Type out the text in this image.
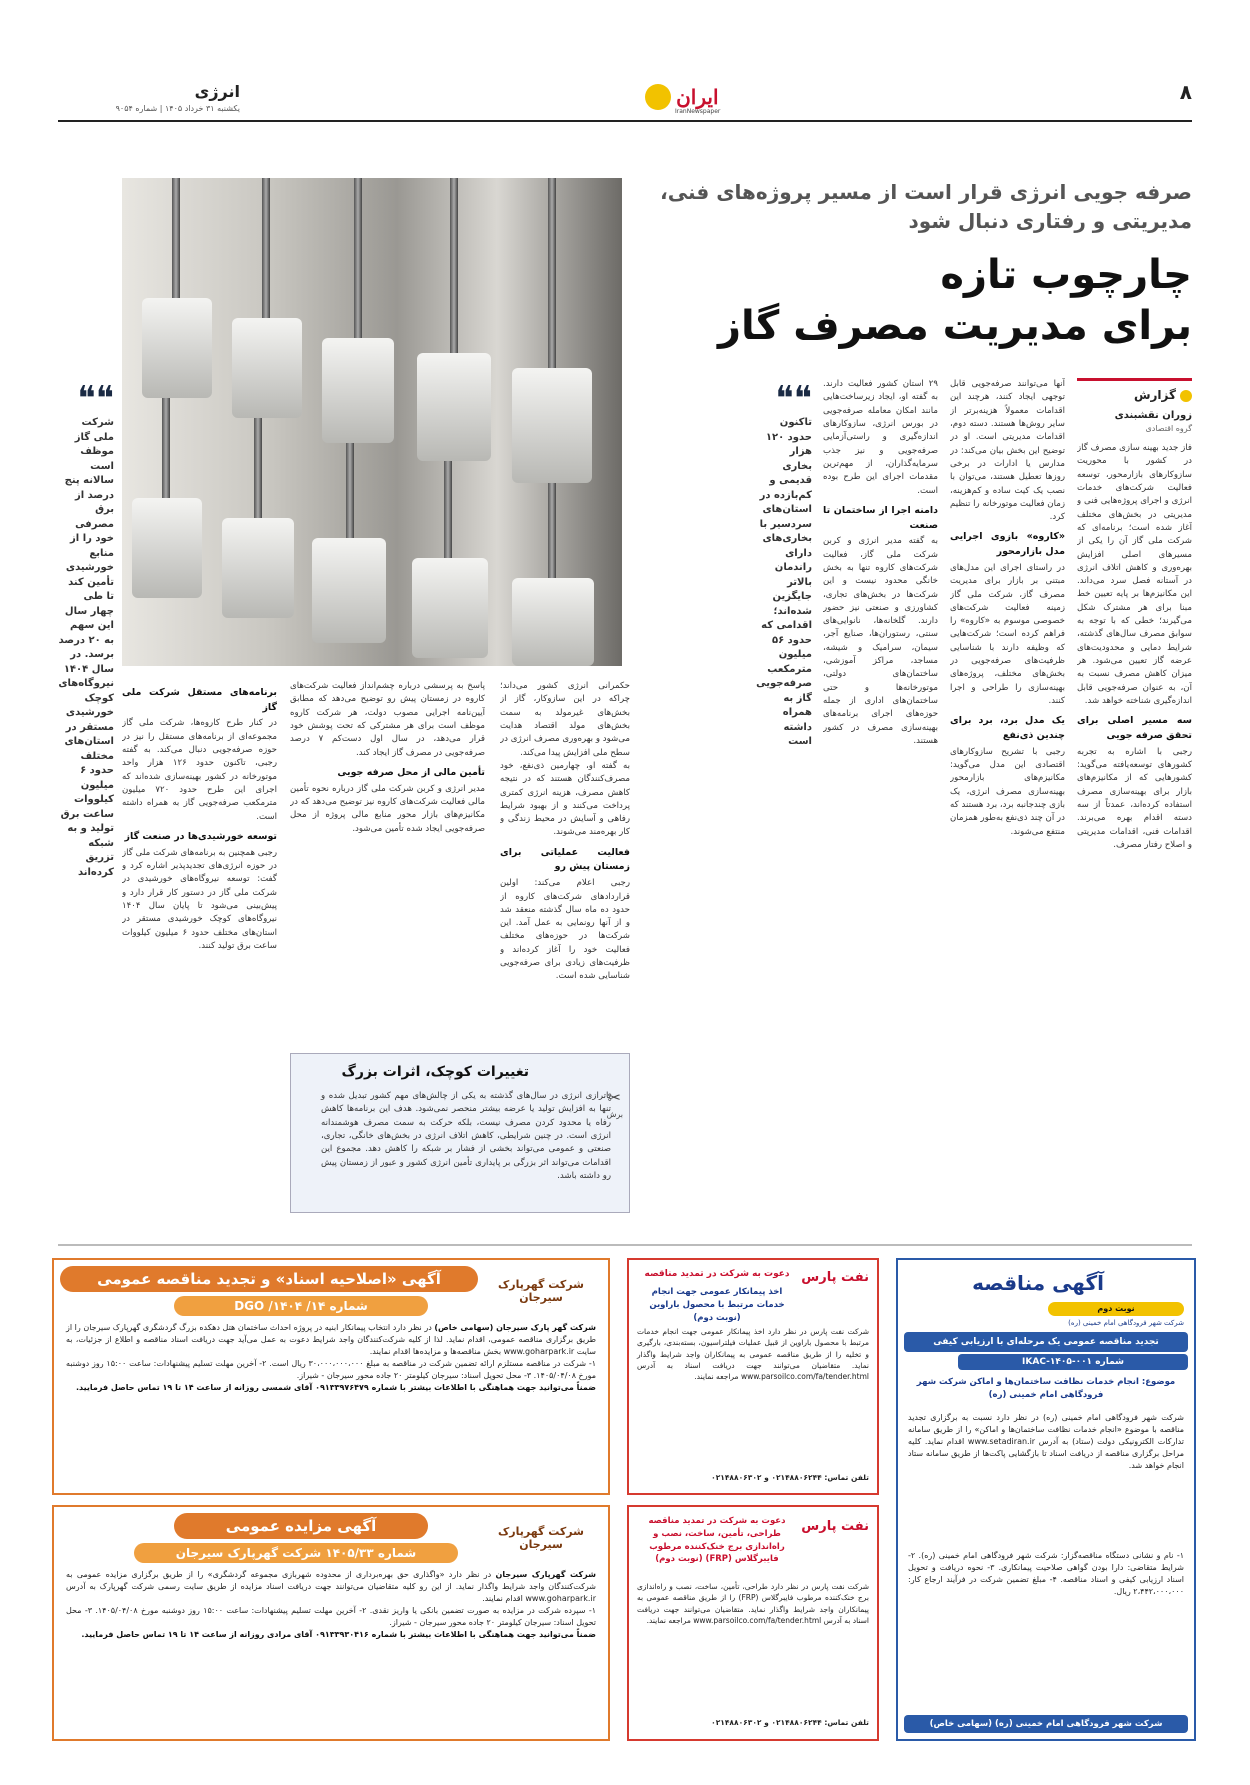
۸
انرژی
یکشنبه ۳۱ خرداد ۱۴۰۵ | شماره ۹۰۵۴	ایران
IranNewspaper
صرفه جویی انرژی قرار است از مسیر پروژه‌های فنی، مدیریتی و رفتاری دنبال شود
چارچوب تازه
برای مدیریت مصرف گاز
گزارش
زوران نقشبندی
گروه اقتصادی

فاز جدید بهینه سازی مصرف گاز در کشور با محوریت سازوکارهای بازارمحور، توسعه فعالیت شرکت‌های خدمات انرژی و اجرای پروژه‌هایی فنی و مدیریتی در بخش‌های مختلف آغاز شده است؛ برنامه‌ای که شرکت ملی گاز آن را یکی از مسیرهای اصلی افزایش بهره‌وری و کاهش اتلاف انرژی در آستانه فصل سرد می‌داند. این مکانیزم‌ها بر پایه تعیین خط مبنا برای هر مشترک شکل می‌گیرند؛ خطی که با توجه به سوابق مصرف سال‌های گذشته، شرایط دمایی و محدودیت‌های عرضه گاز تعیین می‌شود. هر میزان کاهش مصرف نسبت به آن، به عنوان صرفه‌جویی قابل اندازه‌گیری شناخته خواهد شد.

سه مسیر اصلی برای تحقق صرفه جویی

رجبی با اشاره به تجربه کشورهای توسعه‌یافته می‌گوید: کشورهایی که از مکانیزم‌های بازار برای بهینه‌سازی مصرف استفاده کرده‌اند، عمدتاً از سه دسته اقدام بهره می‌برند. اقدامات فنی، اقدامات مدیریتی و اصلاح رفتار مصرف.

آنها می‌توانند صرفه‌جویی قابل توجهی ایجاد کنند، هرچند این اقدامات معمولاً هزینه‌برتر از سایر روش‌ها هستند. دسته دوم، اقدامات مدیریتی است. او در توضیح این بخش بیان می‌کند: در مدارس یا ادارات در برخی روزها تعطیل هستند، می‌توان با نصب یک کیت ساده و کم‌هزینه، زمان فعالیت موتورخانه را تنظیم کرد.

«کاروه» بازوی اجرایی مدل بازارمحور

در راستای اجرای این مدل‌های مبتنی بر بازار برای مدیریت مصرف گاز، شرکت ملی گاز زمینه فعالیت شرکت‌های خصوصی موسوم به «کاروه» را فراهم کرده است؛ شرکت‌هایی که وظیفه دارند با شناسایی ظرفیت‌های صرفه‌جویی در بخش‌های مختلف، پروژه‌های بهینه‌سازی را طراحی و اجرا کنند.

یک مدل برد، برد برای چندین ذی‌نفع

رجبی با تشریح سازوکارهای اقتصادی این مدل می‌گوید: مکانیزم‌های بازارمحور بهینه‌سازی مصرف انرژی، یک بازی چندجانبه برد، برد هستند که در آن چند ذی‌نفع به‌طور همزمان منتفع می‌شوند.

۲۹ استان کشور فعالیت دارند. به گفته او، ایجاد زیرساخت‌هایی مانند امکان معامله صرفه‌جویی در بورس انرژی، سازوکارهای اندازه‌گیری و راستی‌آزمایی صرفه‌جویی و نیز جذب سرمایه‌گذاران، از مهم‌ترین مقدمات اجرای این طرح بوده است.

دامنه اجرا از ساختمان تا صنعت

به گفته مدیر انرژی و کربن شرکت ملی گاز، فعالیت شرکت‌های کاروه تنها به بخش خانگی محدود نیست و این شرکت‌ها در بخش‌های تجاری، کشاورزی و صنعتی نیز حضور دارند. گلخانه‌ها، نانوایی‌های سنتی، رستوران‌ها، صنایع آجر، سیمان، سرامیک و شیشه، مساجد، مراکز آموزشی، ساختمان‌های دولتی، موتورخانه‌ها و حتی ساختمان‌های اداری از جمله حوزه‌های اجرای برنامه‌های بهینه‌سازی مصرف در کشور هستند.

❝❝
تاکنون حدود ۱۲۰ هزار بخاری قدیمی و کم‌بازده در استان‌های سردسیر با بخاری‌های دارای راندمان بالاتر جایگزین شده‌اند؛ اقدامی که حدود ۵۶ میلیون مترمکعب صرفه‌جویی گاز به همراه داشته است

حکمرانی انرژی کشور می‌داند؛ چراکه در این سازوکار، گاز از بخش‌های غیرمولد به سمت بخش‌های مولد اقتصاد هدایت می‌شود و بهره‌وری مصرف انرژی در سطح ملی افزایش پیدا می‌کند.

به گفته او، چهارمین ذی‌نفع، خود مصرف‌کنندگان هستند که در نتیجه کاهش مصرف، هزینه انرژی کمتری پرداخت می‌کنند و از بهبود شرایط رفاهی و آسایش در محیط زندگی و کار بهره‌مند می‌شوند.

فعالیت عملیاتی برای زمستان پیش رو

رجبی اعلام می‌کند: اولین قراردادهای شرکت‌های کاروه از حدود ده ماه سال گذشته منعقد شد و از آنها رونمایی به عمل آمد. این شرکت‌ها در حوزه‌های مختلف فعالیت خود را آغاز کرده‌اند و ظرفیت‌های زیادی برای صرفه‌جویی شناسایی شده است.

پاسخ به پرسشی درباره چشم‌انداز فعالیت شرکت‌های کاروه در زمستان پیش رو توضیح می‌دهد که مطابق آیین‌نامه اجرایی مصوب دولت، هر شرکت کاروه موظف است برای هر مشترکی که تحت پوشش خود قرار می‌دهد، در سال اول دست‌کم ۷ درصد صرفه‌جویی در مصرف گاز ایجاد کند.

تأمین مالی از محل صرفه جویی

مدیر انرژی و کربن شرکت ملی گاز درباره نحوه تأمین مالی فعالیت شرکت‌های کاروه نیز توضیح می‌دهد که در مکانیزم‌های بازار محور منابع مالی پروژه از محل صرفه‌جویی ایجاد شده تأمین می‌شود.

برنامه‌های مستقل شرکت ملی گاز

در کنار طرح کاروه‌ها، شرکت ملی گاز مجموعه‌ای از برنامه‌های مستقل را نیز در حوزه صرفه‌جویی دنبال می‌کند. به گفته رجبی، تاکنون حدود ۱۲۶ هزار واحد موتورخانه در کشور بهینه‌سازی شده‌اند که اجرای این طرح حدود ۷۲۰ میلیون مترمکعب صرفه‌جویی گاز به همراه داشته است.

توسعه خورشیدی‌ها در صنعت گاز

رجبی همچنین به برنامه‌های شرکت ملی گاز در حوزه انرژی‌های تجدیدپذیر اشاره کرد و گفت: توسعه نیروگاه‌های خورشیدی در شرکت ملی گاز در دستور کار قرار دارد و پیش‌بینی می‌شود تا پایان سال ۱۴۰۴ نیروگاه‌های کوچک خورشیدی مستقر در استان‌های مختلف حدود ۶ میلیون کیلووات ساعت برق تولید کنند.

❝❝
شرکت ملی گاز موظف است سالانه پنج درصد از برق مصرفی خود را از منابع خورشیدی تأمین کند تا طی چهار سال این سهم به ۲۰ درصد برسد. در سال ۱۴۰۴ نیروگاه‌های کوچک خورشیدی مستقر در استان‌های مختلف حدود ۶ میلیون کیلووات ساعت برق تولید و به شبکه تزریق کرده‌اند
تغییرات کوچک، اثرات بزرگ
✂
برش
ناترازی انرژی در سال‌های گذشته به یکی از چالش‌های مهم کشور تبدیل شده و تنها به افزایش تولید یا عرضه بیشتر منحصر نمی‌شود. هدف این برنامه‌ها کاهش رفاه یا محدود کردن مصرف نیست، بلکه حرکت به سمت مصرف هوشمندانه انرژی است. در چنین شرایطی، کاهش اتلاف انرژی در بخش‌های خانگی، تجاری، صنعتی و عمومی می‌تواند بخشی از فشار بر شبکه را کاهش دهد. مجموع این اقدامات می‌تواند اثر بزرگی بر پایداری تأمین انرژی کشور و عبور از زمستان پیش رو داشته باشد.
آگهی «اصلاحیه اسناد» و تجدید مناقصه عمومی
شماره ۱۴/ ۱۴۰۴/ DGO
شرکت گهرپارک سیرجان
شرکت گهر پارک سیرجان (سهامی خاص) در نظر دارد انتخاب پیمانکار ابنیه در پروژه احداث ساختمان هتل دهکده بزرگ گردشگری گهرپارک سیرجان را از طریق برگزاری مناقصه عمومی، اقدام نماید. لذا از کلیه شرکت‌کنندگان واجد شرایط دعوت به عمل می‌آید جهت دریافت اسناد مناقصه و اطلاع از جزئیات، به سایت www.goharpark.ir بخش مناقصه‌ها و مزایده‌ها اقدام نمایند.
۱- شرکت در مناقصه مستلزم ارائه تضمین شرکت در مناقصه به مبلغ ۳۰،۰۰۰،۰۰۰،۰۰۰ ریال است. ۲- آخرین مهلت تسلیم پیشنهادات: ساعت ۱۵:۰۰ روز دوشنبه مورخ ۱۴۰۵/۰۴/۰۸. ۳- محل تحویل اسناد: سیرجان کیلومتر ۲۰ جاده محور سیرجان - شیراز.
ضمناً می‌توانید جهت هماهنگی با اطلاعات بیشتر با شماره ۰۹۱۳۳۹۷۶۴۷۹ آقای شمسی روزانه از ساعت ۱۴ تا ۱۹ تماس حاصل فرمایید.
آگهی مزایده عمومی
شماره ۱۴۰۵/۳۳ شرکت گهرپارک سیرجان
شرکت گهرپارک سیرجان
شرکت گهرپارک سیرجان در نظر دارد «واگذاری حق بهره‌برداری از محدوده شهربازی مجموعه گردشگری» را از طریق برگزاری مزایده عمومی به شرکت‌کنندگان واجد شرایط واگذار نماید. از این رو کلیه متقاضیان می‌توانند جهت دریافت اسناد مزایده از طریق سایت رسمی شرکت گهرپارک به آدرس www.goharpark.ir اقدام نمایند.
۱- سپرده شرکت در مزایده به صورت تضمین بانکی یا واریز نقدی. ۲- آخرین مهلت تسلیم پیشنهادات: ساعت ۱۵:۰۰ روز دوشنبه مورخ ۱۴۰۵/۰۴/۰۸. ۳- محل تحویل اسناد: سیرجان کیلومتر ۲۰ جاده محور سیرجان - شیراز.
ضمناً می‌توانید جهت هماهنگی با اطلاعات بیشتر با شماره ۰۹۱۳۳۹۳۰۴۱۶ آقای مرادی روزانه از ساعت ۱۴ تا ۱۹ تماس حاصل فرمایید.
نفت پارس
دعوت به شرکت در تمدید مناقصه
اخذ پیمانکار عمومی جهت انجام خدمات مرتبط با محصول باراوین (نوبت دوم)
شرکت نفت پارس در نظر دارد اخذ پیمانکار عمومی جهت انجام خدمات مرتبط با محصول باراوین از قبیل عملیات فیلتراسیون، بسته‌بندی، بارگیری و تخلیه را از طریق مناقصه عمومی به پیمانکاران واجد شرایط واگذار نماید. متقاضیان می‌توانند جهت دریافت اسناد به آدرس www.parsoilco.com/fa/tender.html مراجعه نمایند.
تلفن تماس: ۰۲۱۴۸۸۰۶۲۴۴ و ۰۲۱۴۸۸۰۶۳۰۲
نفت پارس
دعوت به شرکت در تمدید مناقصه طراحی، تأمین، ساخت، نصب و راه‌اندازی برج خنک‌کننده مرطوب فایبرگلاس (FRP) (نوبت دوم)
شرکت نفت پارس در نظر دارد طراحی، تأمین، ساخت، نصب و راه‌اندازی برج خنک‌کننده مرطوب فایبرگلاس (FRP) را از طریق مناقصه عمومی به پیمانکاران واجد شرایط واگذار نماید. متقاضیان می‌توانند جهت دریافت اسناد به آدرس www.parsoilco.com/fa/tender.html مراجعه نمایند.
تلفن تماس: ۰۲۱۴۸۸۰۶۲۴۴ و ۰۲۱۴۸۸۰۶۳۰۲
آگهی مناقصه
نوبت دوم
شرکت شهر فرودگاهی امام خمینی (ره)
تجدید مناقصه عمومی یک مرحله‌ای با ارزیابی کیفی
شماره IKAC-۱۴۰۵-۰۰۱
موضوع: انجام خدمات نظافت ساختمان‌ها و اماکن شرکت شهر فرودگاهی امام خمینی (ره)
شرکت شهر فرودگاهی امام خمینی (ره) در نظر دارد نسبت به برگزاری تجدید مناقصه با موضوع «انجام خدمات نظافت ساختمان‌ها و اماکن» را از طریق سامانه تدارکات الکترونیکی دولت (ستاد) به آدرس www.setadiran.ir اقدام نماید. کلیه مراحل برگزاری مناقصه از دریافت اسناد تا بازگشایی پاکت‌ها از طریق سامانه ستاد انجام خواهد شد.
۱- نام و نشانی دستگاه مناقصه‌گزار: شرکت شهر فرودگاهی امام خمینی (ره). ۲- شرایط متقاضی: دارا بودن گواهی صلاحیت پیمانکاری. ۳- نحوه دریافت و تحویل اسناد ارزیابی کیفی و اسناد مناقصه. ۴- مبلغ تضمین شرکت در فرآیند ارجاع کار: ۲،۴۴۲،۰۰۰،۰۰۰ ریال.
شرکت شهر فرودگاهی امام خمینی (ره) (سهامی خاص)
